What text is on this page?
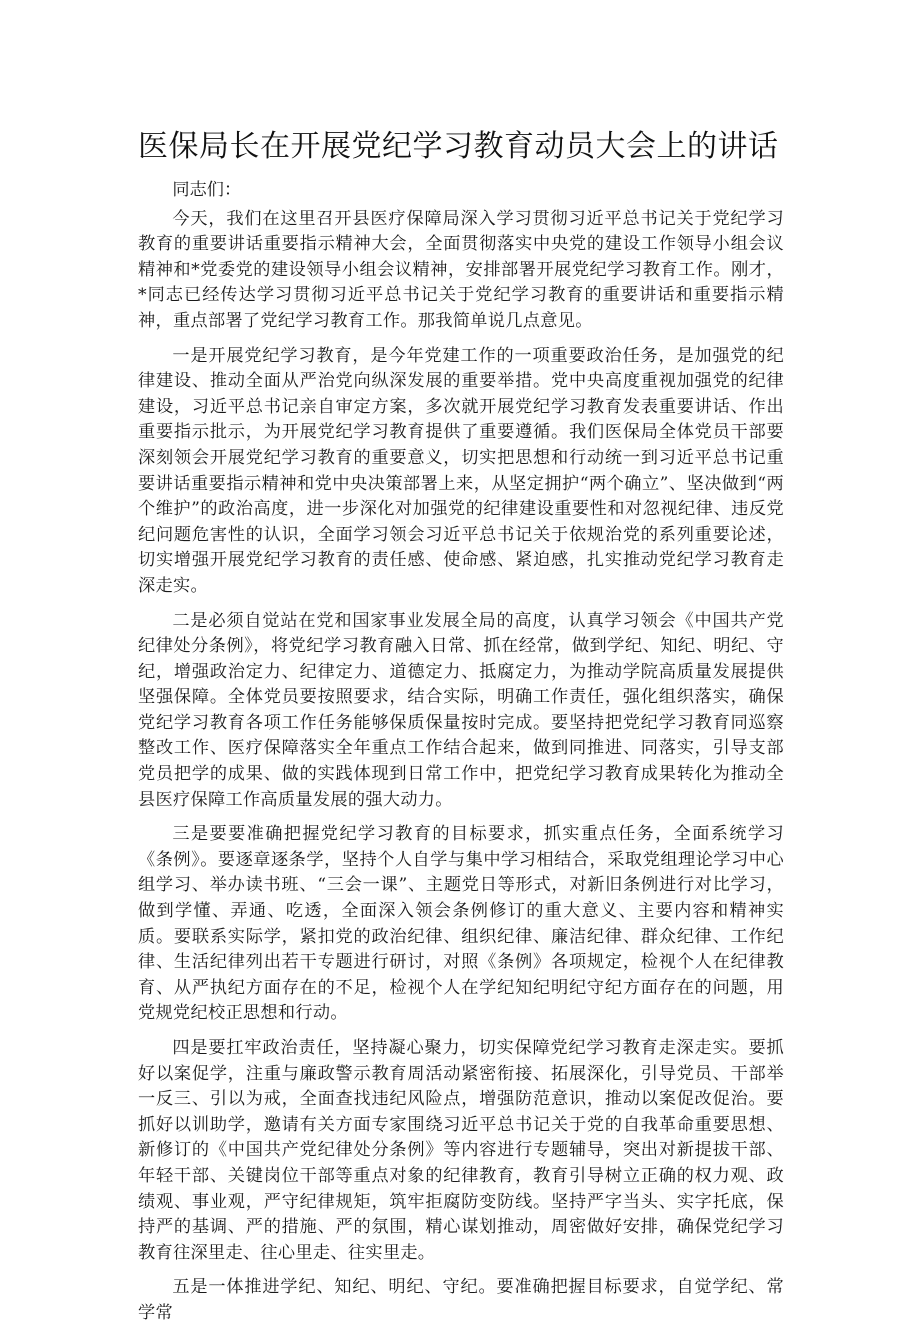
医保局长在开展党纪学习教育动员大会上的讲话

同志们：

今天，我们在这里召开县医疗保障局深入学习贯彻习近平总书记关于党纪学习教育的重要讲话重要指示精神大会，全面贯彻落实中央党的建设工作领导小组会议精神和*党委党的建设领导小组会议精神，安排部署开展党纪学习教育工作。刚才，*同志已经传达学习贯彻习近平总书记关于党纪学习教育的重要讲话和重要指示精神，重点部署了党纪学习教育工作。那我简单说几点意见。

一是开展党纪学习教育，是今年党建工作的一项重要政治任务，是加强党的纪律建设、推动全面从严治党向纵深发展的重要举措。党中央高度重视加强党的纪律建设，习近平总书记亲自审定方案，多次就开展党纪学习教育发表重要讲话、作出重要指示批示，为开展党纪学习教育提供了重要遵循。我们医保局全体党员干部要深刻领会开展党纪学习教育的重要意义，切实把思想和行动统一到习近平总书记重要讲话重要指示精神和党中央决策部署上来，从坚定拥护“两个确立”、坚决做到“两个维护”的政治高度，进一步深化对加强党的纪律建设重要性和对忽视纪律、违反党纪问题危害性的认识，全面学习领会习近平总书记关于依规治党的系列重要论述，切实增强开展党纪学习教育的责任感、使命感、紧迫感，扎实推动党纪学习教育走深走实。

二是必须自觉站在党和国家事业发展全局的高度，认真学习领会《中国共产党纪律处分条例》，将党纪学习教育融入日常、抓在经常，做到学纪、知纪、明纪、守纪，增强政治定力、纪律定力、道德定力、抵腐定力，为推动学院高质量发展提供坚强保障。全体党员要按照要求，结合实际，明确工作责任，强化组织落实，确保党纪学习教育各项工作任务能够保质保量按时完成。要坚持把党纪学习教育同巡察整改工作、医疗保障落实全年重点工作结合起来，做到同推进、同落实，引导支部党员把学的成果、做的实践体现到日常工作中，把党纪学习教育成果转化为推动全县医疗保障工作高质量发展的强大动力。

三是要要准确把握党纪学习教育的目标要求，抓实重点任务，全面系统学习《条例》。要逐章逐条学，坚持个人自学与集中学习相结合，采取党组理论学习中心组学习、举办读书班、“三会一课”、主题党日等形式，对新旧条例进行对比学习，做到学懂、弄通、吃透，全面深入领会条例修订的重大意义、主要内容和精神实质。要联系实际学，紧扣党的政治纪律、组织纪律、廉洁纪律、群众纪律、工作纪律、生活纪律列出若干专题进行研讨，对照《条例》各项规定，检视个人在纪律教育、从严执纪方面存在的不足，检视个人在学纪知纪明纪守纪方面存在的问题，用党规党纪校正思想和行动。

四是要扛牢政治责任，坚持凝心聚力，切实保障党纪学习教育走深走实。要抓好以案促学，注重与廉政警示教育周活动紧密衔接、拓展深化，引导党员、干部举一反三、引以为戒，全面查找违纪风险点，增强防范意识，推动以案促改促治。要抓好以训助学，邀请有关方面专家围绕习近平总书记关于党的自我革命重要思想、新修订的《中国共产党纪律处分条例》等内容进行专题辅导，突出对新提拔干部、年轻干部、关键岗位干部等重点对象的纪律教育，教育引导树立正确的权力观、政绩观、事业观，严守纪律规矩，筑牢拒腐防变防线。坚持严字当头、实字托底，保持严的基调、严的措施、严的氛围，精心谋划推动，周密做好安排，确保党纪学习教育往深里走、往心里走、往实里走。

五是一体推进学纪、知纪、明纪、守纪。要准确把握目标要求，自觉学纪、常学常
